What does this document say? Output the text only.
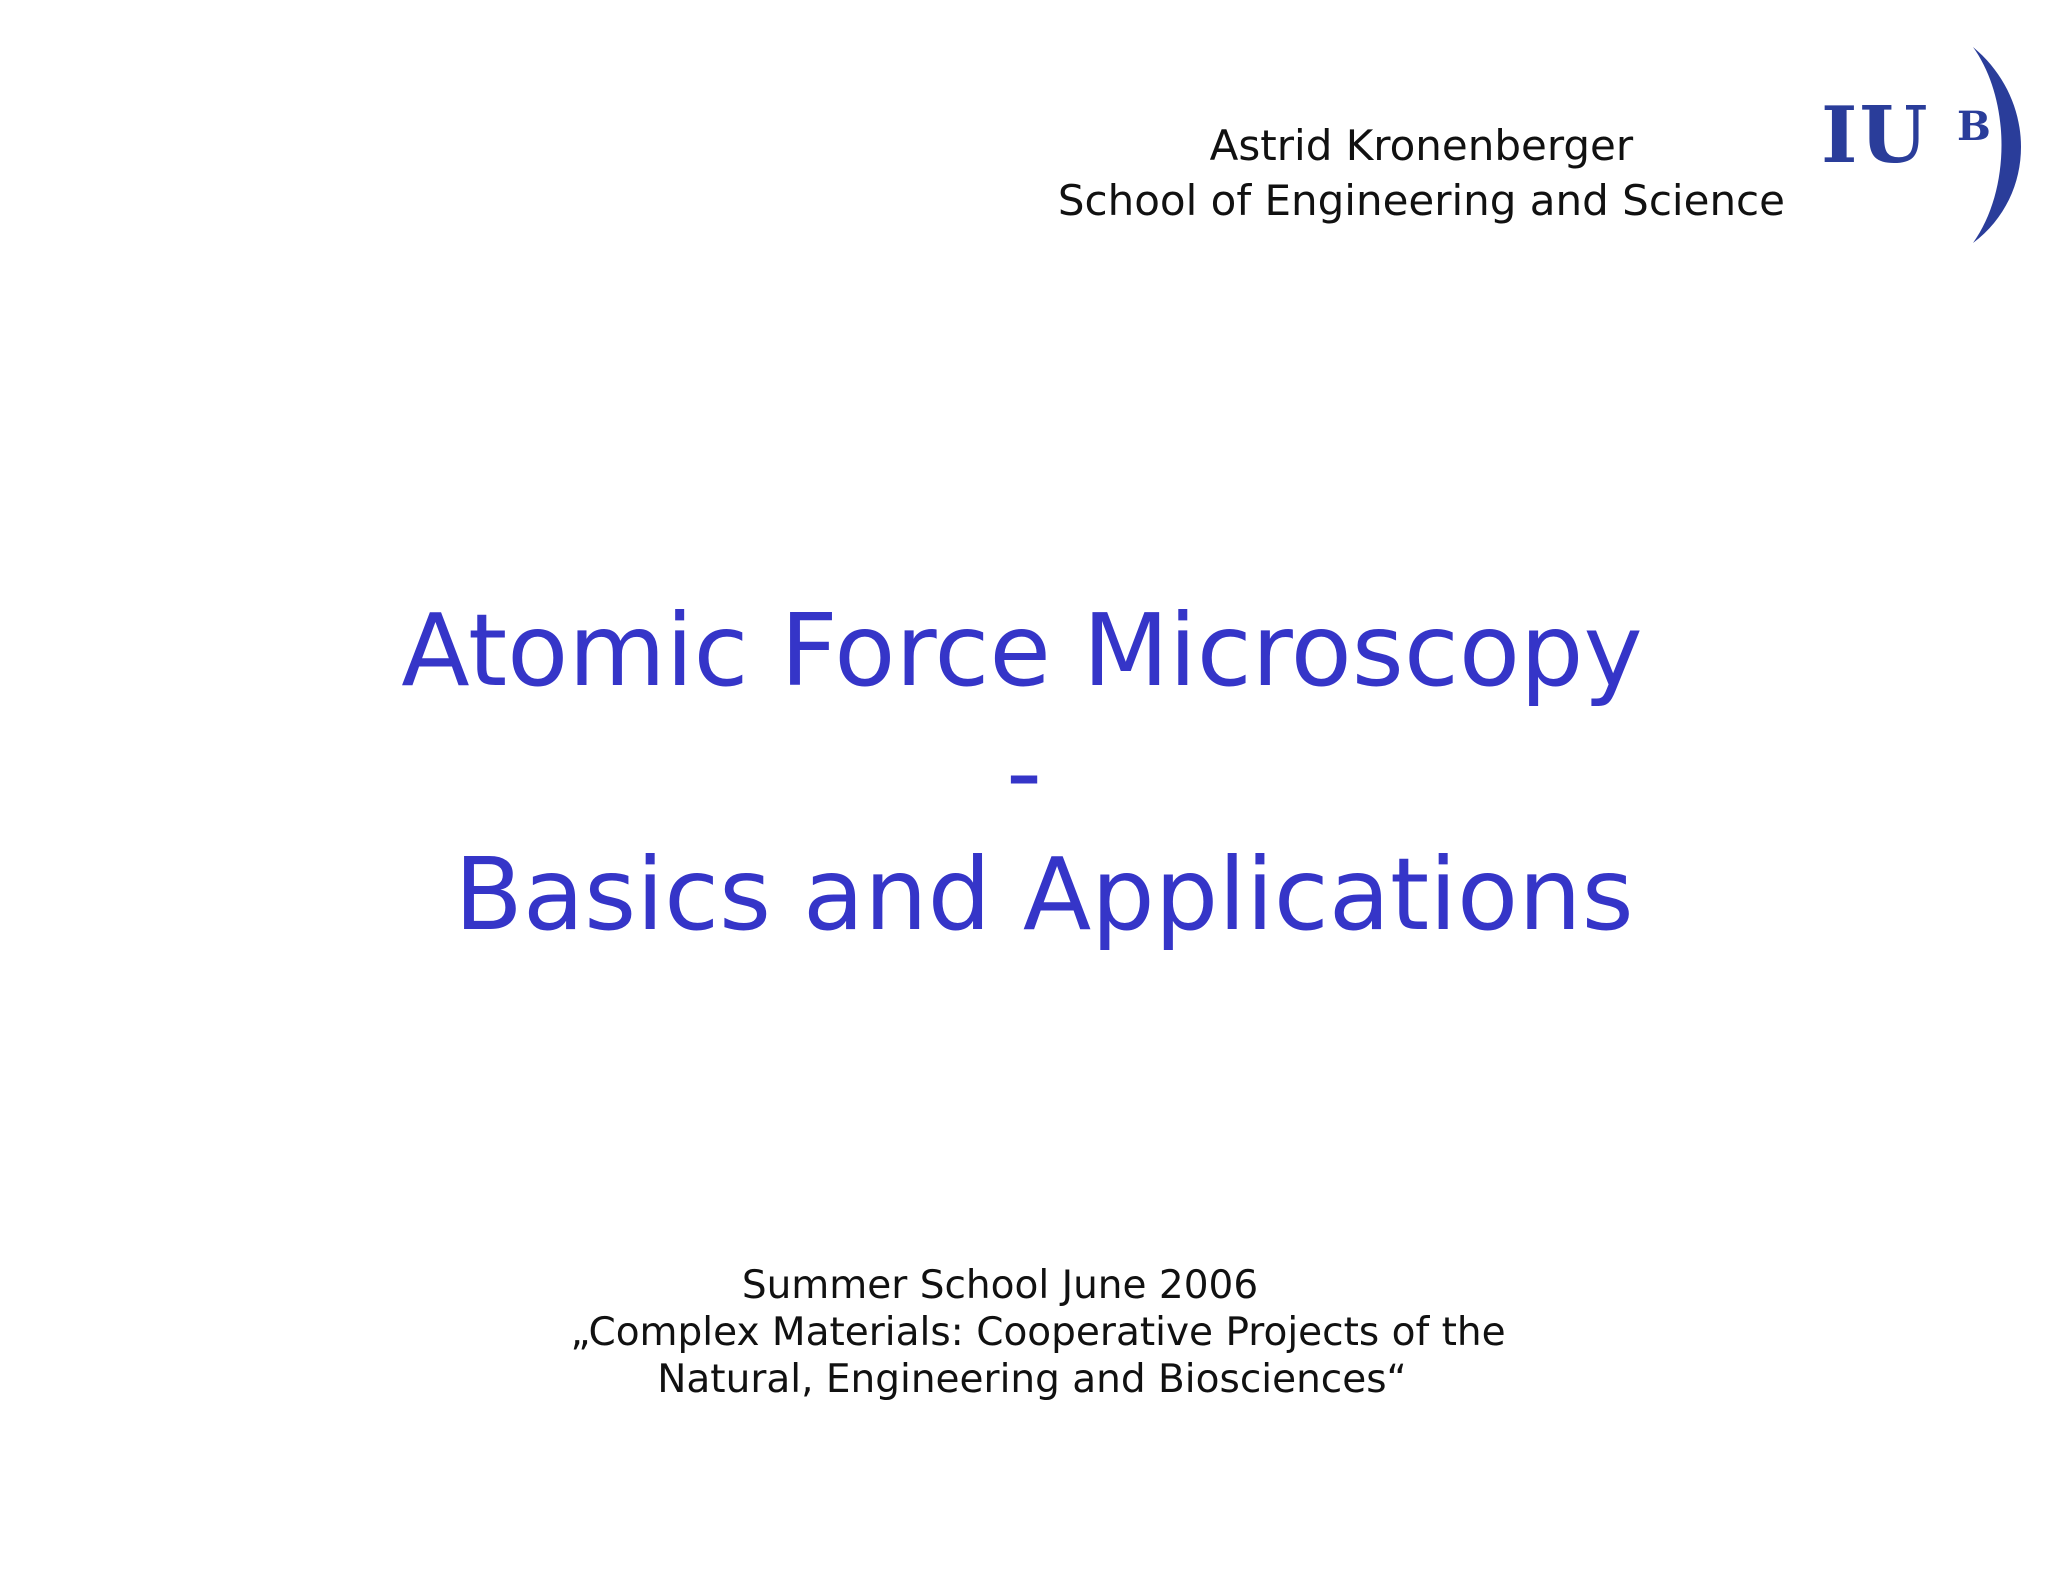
Astrid Kronenberger
School of Engineering and Science
IU B
Atomic Force Microscopy
-
Basics and Applications
Summer School June 2006
„Complex Materials: Cooperative Projects of the
Natural, Engineering and Biosciences“
